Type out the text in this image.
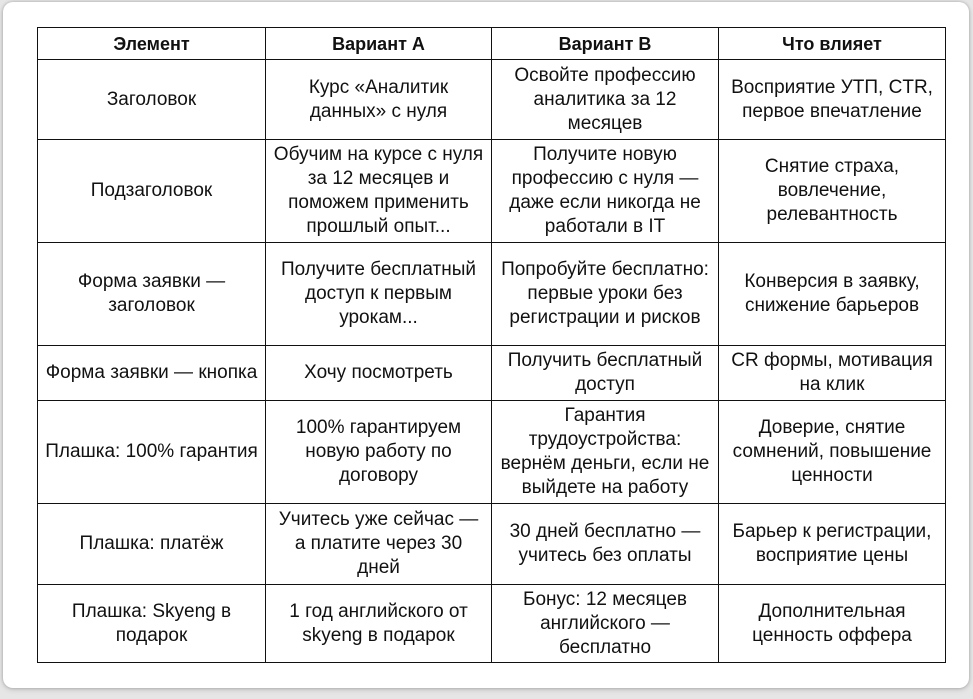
Элемент	Вариант A	Вариант B	Что влияет
Заголовок	Курс «Аналитик данных» с нуля	Освойте профессию аналитика за 12 месяцев	Восприятие УТП, CTR, первое впечатление
Подзаголовок	Обучим на курсе с нуля за 12 месяцев и поможем применить прошлый опыт...	Получите новую профессию с нуля — даже если никогда не работали в IT	Снятие страха, вовлечение, релевантность
Форма заявки — заголовок	Получите бесплатный доступ к первым урокам...	Попробуйте бесплатно: первые уроки без регистрации и рисков	Конверсия в заявку, снижение барьеров
Форма заявки — кнопка	Хочу посмотреть	Получить бесплатный доступ	CR формы, мотивация на клик
Плашка: 100% гарантия	100% гарантируем новую работу по договору	Гарантия трудоустройства: вернём деньги, если не выйдете на работу	Доверие, снятие сомнений, повышение ценности
Плашка: платёж	Учитесь уже сейчас — а платите через 30 дней	30 дней бесплатно — учитесь без оплаты	Барьер к регистрации, восприятие цены
Плашка: Skyeng в подарок	1 год английского от skyeng в подарок	Бонус: 12 месяцев английского — бесплатно	Дополнительная ценность оффера
